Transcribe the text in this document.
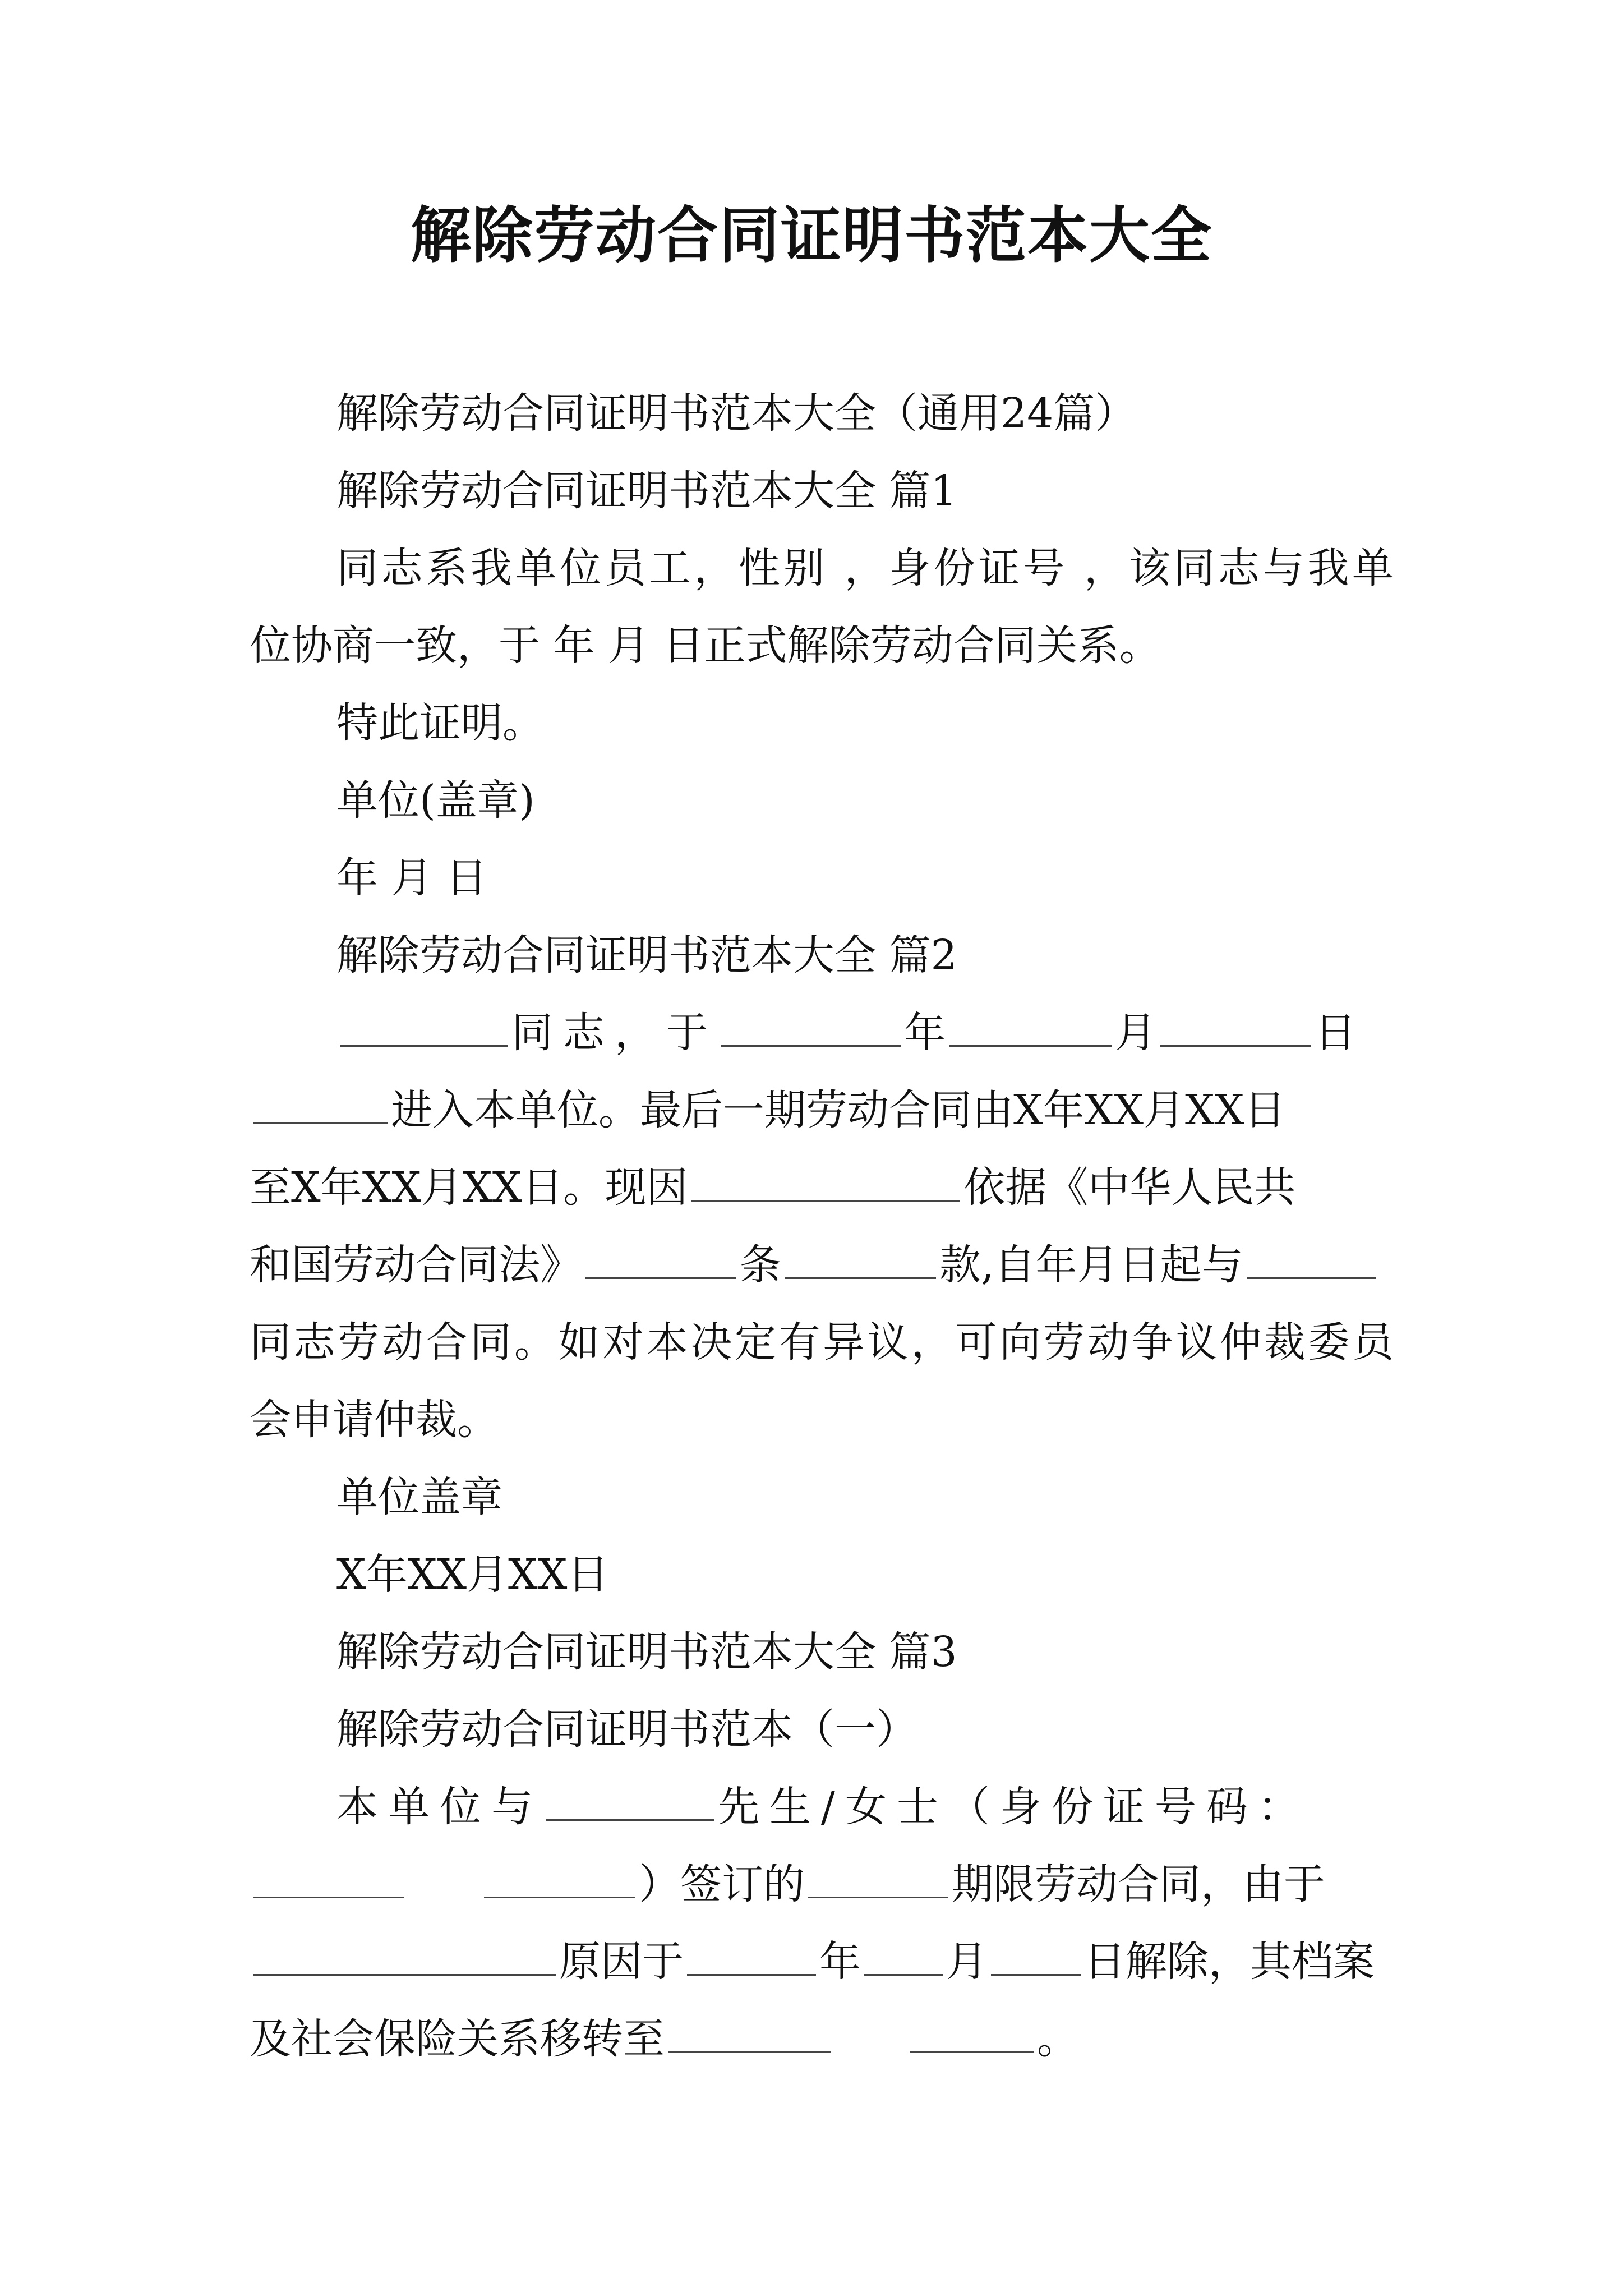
解除劳动合同证明书范本大全

解除劳动合同证明书范本大全（通用24篇）

解除劳动合同证明书范本大全 篇1

同志系我单位员工，性别 ，身份证号 ，该同志与我单

位协商一致，于 年 月 日正式解除劳动合同关系。

特此证明。

单位(盖章)

年 月 日

解除劳动合同证明书范本大全 篇2

同志，于	年	月	日

进入本单位。最后一期劳动合同由X年XX月XX日

至X年XX月XX日。现因	依据《中华人民共

和国劳动合同法》	条	款,自年月日起与

同志劳动合同。如对本决定有异议，可向劳动争议仲裁委员

会申请仲裁。

单位盖章

X年XX月XX日

解除劳动合同证明书范本大全 篇3

解除劳动合同证明书范本（一）

本单位与	先生/女士（身份证号码：

）签订的	期限劳动合同，由于

原因于	年 月 日解除，其档案

及社会保险关系移转至	。
